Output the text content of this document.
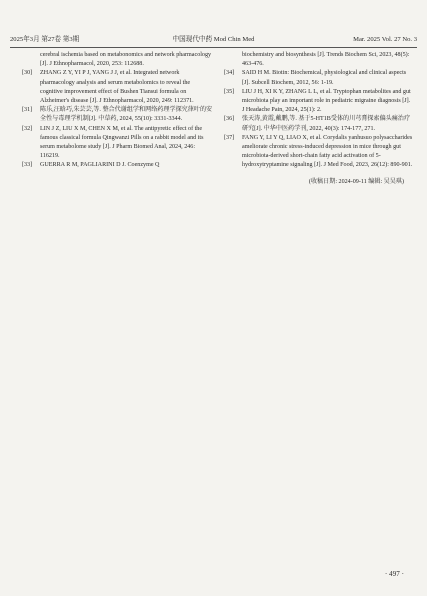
2025年3月 第27卷 第3期	中国现代中药 Mod Chin Med	Mar. 2025 Vol. 27 No. 3
cerebral ischemia based on metabonomics and network pharmacology [J]. J Ethnopharmacol, 2020, 253: 112688.
[30] ZHANG Z Y, YI P J, YANG J J, et al. Integrated network pharmacology analysis and serum metabolomics to reveal the cognitive improvement effect of Bushen Tiansui formula on Alzheimer's disease [J]. J Ethnopharmacol, 2020, 249: 112371.
[31] 陈乐,汪晗巧,朱芸芸,等. 整合代谢组学和网络药理学探究葎叶的安全性与毒理学机制[J]. 中草药, 2024, 55(10): 3331-3344.
[32] LIN J Z, LIU X M, CHEN X M, et al. The antipyretic effect of the famous classical formula Qingwanzi Pills on a rabbit model and its serum metabolome study [J]. J Pharm Biomed Anal, 2024, 246: 116219.
[33] GUERRA R M, PAGLIARINI D J. Coenzyme Q
biochemistry and biosynthesis [J]. Trends Biochem Sci, 2023, 48(5): 463-476.
[34] SAID H M. Biotin: Biochemical, physiological and clinical aspects [J]. Subcell Biochem, 2012, 56: 1-19.
[35] LIU J H, XI K Y, ZHANG L L, et al. Tryptophan metabolites and gut microbiota play an important role in pediatric migraine diagnosis [J]. J Headache Pain, 2024, 25(1): 2.
[36] 张天涛,黄霞,戴鹏,等. 基于5-HT1B受体的川芎膏探索偏头痛治疗研究[J]. 中华中医药学刊, 2022, 40(3): 174-177, 271.
[37] FANG Y, LI Y Q, LIAO X, et al. Corydalis yanhusuo polysaccharides ameliorate chronic stress-induced depression in mice through gut microbiota-derived short-chain fatty acid activation of 5-hydroxytryptamine signaling [J]. J Med Food, 2023, 26(12): 890-901.
(收稿日期: 2024-09-11 编辑: 吴吴琪)
· 497 ·
